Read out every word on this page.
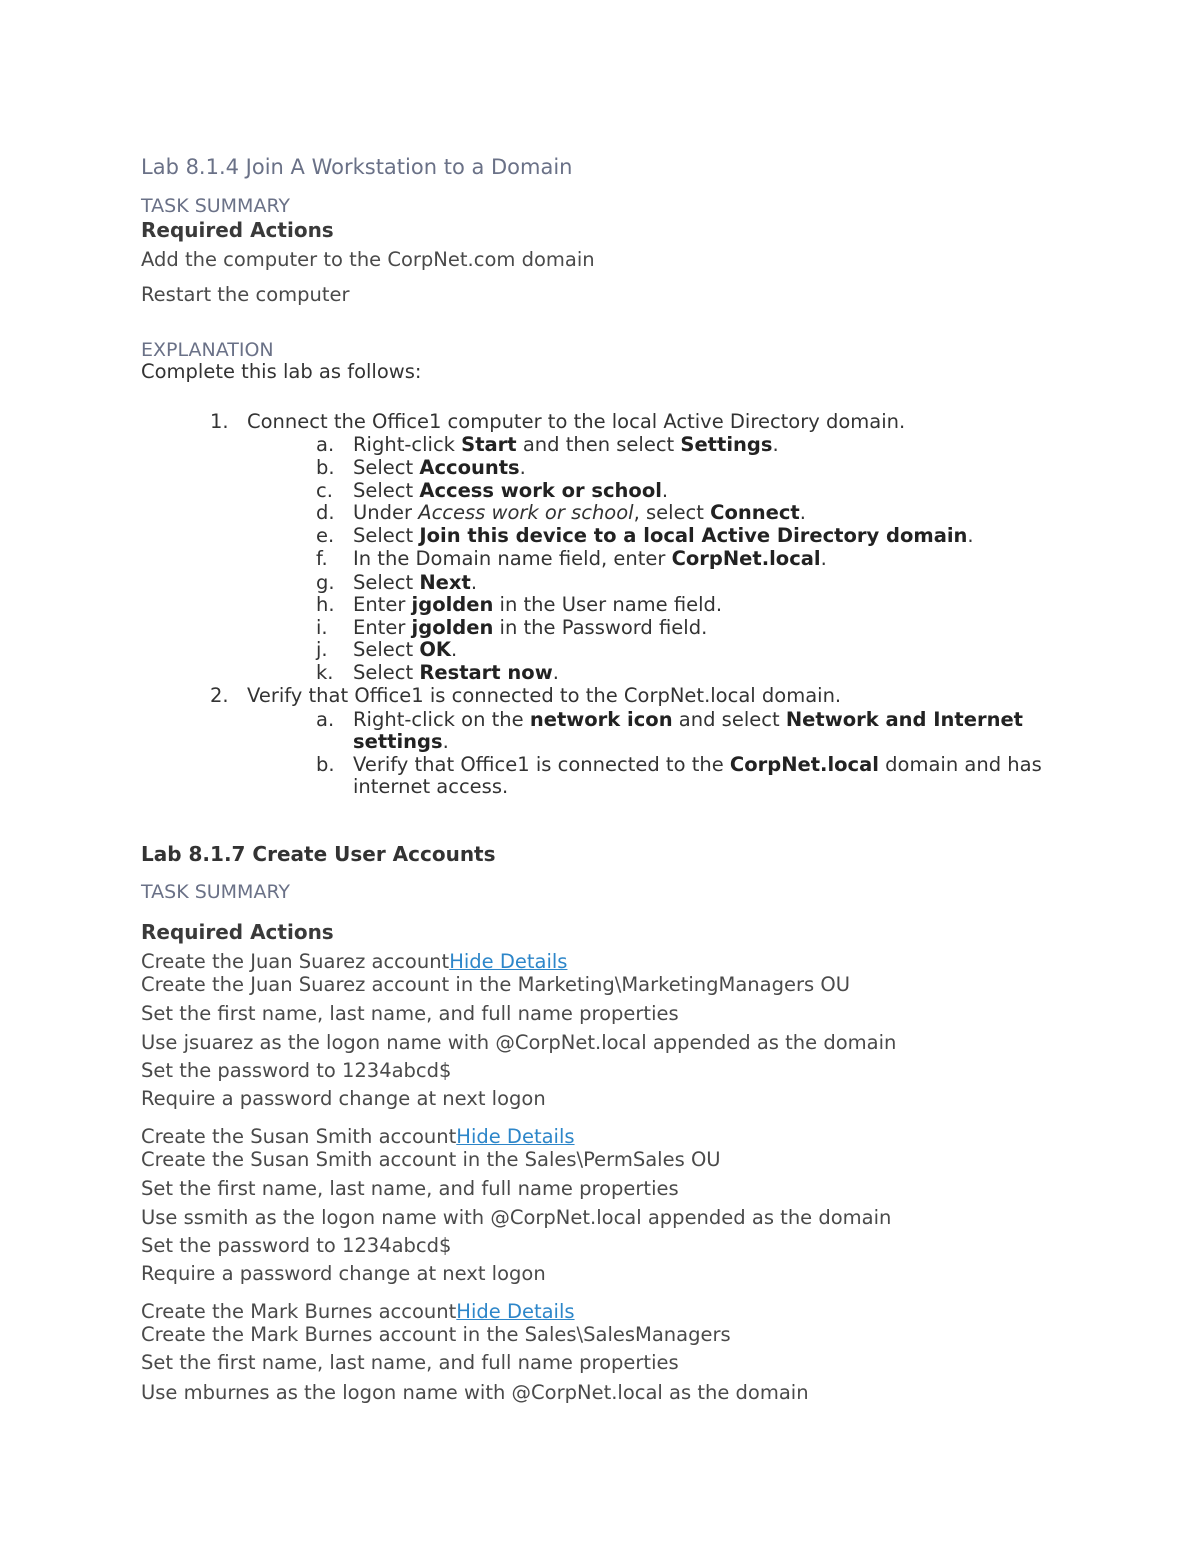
Lab 8.1.4 Join A Workstation to a Domain
TASK SUMMARY
Required Actions
Add the computer to the CorpNet.com domain
Restart the computer
EXPLANATION
Complete this lab as follows:
1. Connect the Office1 computer to the local Active Directory domain.
a. Right-click Start and then select Settings.
b. Select Accounts.
c. Select Access work or school.
d. Under Access work or school, select Connect.
e. Select Join this device to a local Active Directory domain.
f. In the Domain name field, enter CorpNet.local.
g. Select Next.
h. Enter jgolden in the User name field.
i. Enter jgolden in the Password field.
j. Select OK.
k. Select Restart now.
2. Verify that Office1 is connected to the CorpNet.local domain.
a. Right-click on the network icon and select Network and Internet
settings.
b. Verify that Office1 is connected to the CorpNet.local domain and has
internet access.
Lab 8.1.7 Create User Accounts
TASK SUMMARY
Required Actions
Create the Juan Suarez accountHide Details
Create the Juan Suarez account in the Marketing\MarketingManagers OU
Set the first name, last name, and full name properties
Use jsuarez as the logon name with @CorpNet.local appended as the domain
Set the password to 1234abcd$
Require a password change at next logon
Create the Susan Smith accountHide Details
Create the Susan Smith account in the Sales\PermSales OU
Set the first name, last name, and full name properties
Use ssmith as the logon name with @CorpNet.local appended as the domain
Set the password to 1234abcd$
Require a password change at next logon
Create the Mark Burnes accountHide Details
Create the Mark Burnes account in the Sales\SalesManagers
Set the first name, last name, and full name properties
Use mburnes as the logon name with @CorpNet.local as the domain
